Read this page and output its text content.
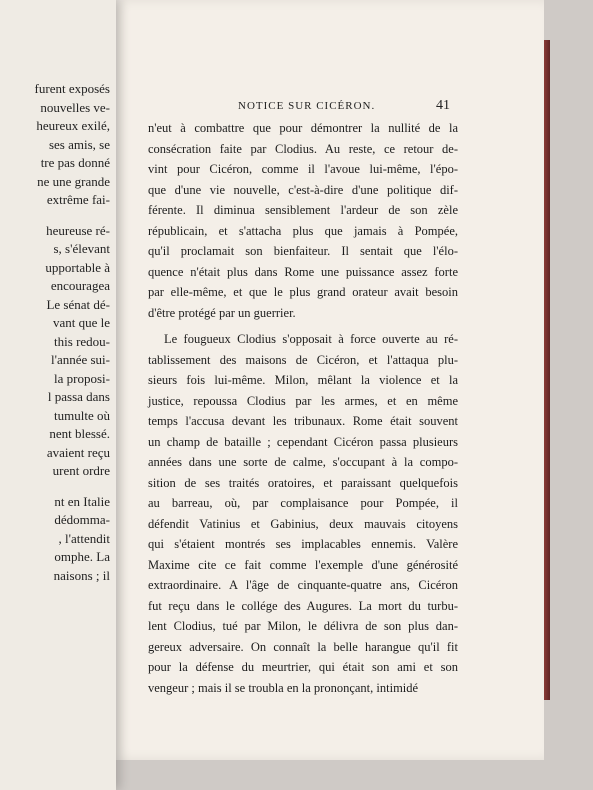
furent exposés
nouvelles ve-
heureux exilé,
ses amis, se
tre pas donné
ne une grande
extrême fai-
heureuse ré-
s, s'élevant
upportable à
encouragea
Le sénat dé-
vant que le
this redou-
l'année sui-
la proposi-
l passa dans
tumulte où
nent blessé.
avaient reçu
urent ordre
nt en Italie
dédomma-
, l'attendit
omphe. La
naisons ; il
NOTICE SUR CICÉRON.	41
n'eut à combattre que pour démontrer la nullité de la
consécration faite par Clodius. Au reste, ce retour de-
vint pour Cicéron, comme il l'avoue lui-même, l'épo-
que d'une vie nouvelle, c'est-à-dire d'une politique dif-
férente. Il diminua sensiblement l'ardeur de son zèle
républicain, et s'attacha plus que jamais à Pompée,
qu'il proclamait son bienfaiteur. Il sentait que l'élo-
quence n'était plus dans Rome une puissance assez forte
par elle-même, et que le plus grand orateur avait besoin
d'être protégé par un guerrier.
Le fougueux Clodius s'opposait à force ouverte au ré-
tablissement des maisons de Cicéron, et l'attaqua plu-
sieurs fois lui-même. Milon, mêlant la violence et la
justice, repoussa Clodius par les armes, et en même
temps l'accusa devant les tribunaux. Rome était souvent
un champ de bataille ; cependant Cicéron passa plusieurs
années dans une sorte de calme, s'occupant à la compo-
sition de ses traités oratoires, et paraissant quelquefois
au barreau, où, par complaisance pour Pompée, il
défendit Vatinius et Gabinius, deux mauvais citoyens
qui s'étaient montrés ses implacables ennemis. Valère
Maxime cite ce fait comme l'exemple d'une générosité
extraordinaire. A l'âge de cinquante-quatre ans, Cicéron
fut reçu dans le collége des Augures. La mort du turbu-
lent Clodius, tué par Milon, le délivra de son plus dan-
gereux adversaire. On connaît la belle harangue qu'il fit
pour la défense du meurtrier, qui était son ami et son
vengeur ; mais il se troubla en la prononçant, intimidé
